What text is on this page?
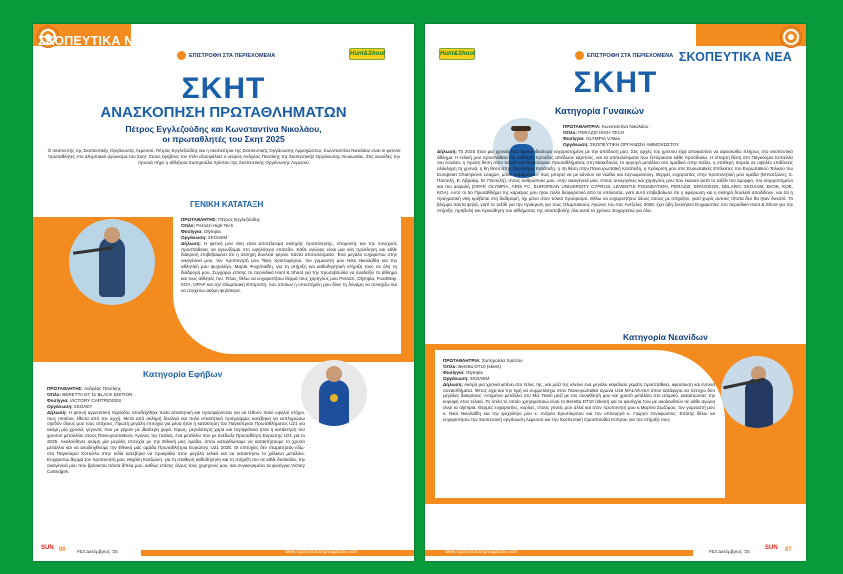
ΣΚΟΠΕΥΤΙΚΑ ΝΕΑ
ΕΠΙΣΤΡΟΦΗ ΣΤΑ ΠΕΡΙΕΧΟΜΕΝΑ	Hunt&Shoot
ΣΚΗΤ
ΑΝΑΣΚΟΠΗΣΗ ΠΡΩΤΑΘΛΗΜΑΤΩΝ
Πέτρος Εγγλεζούδης και Κωνσταντίνα Νικολάου,
οι πρωταθλητές του Σκητ 2025
Ο σκοπευτής της Σκοπευτικής Οργάνωσης Λεμεσού, Πέτρος Εγγλεζούδης και η σκοπεύτρια της Σκοπευτικής Οργάνωσης Αμμοχώστου, Κωνσταντίνα Νικολάου είναι οι φετινοί πρωταθλητές στο ολυμπιακό αγώνισμα του Σκητ. Στους έφηβους τον τίτλο εξασφάλισε ο νεαρός Ανδρέας Πουτίκης της Σκοπευτικής Οργάνωσης Λευκωσίας. Στις νεανίδες την πρωτιά πήρε η αθλήτρια Σωτηρούλα Χρίστου της Σκοπευτικής Οργάνωσης Λεμεσού.
ΓΕΝΙΚΗ ΚΑΤΑΤΑΞΗ
ΠΡΩΤΑΘΛΗΤΗΣ: Πέτρος Εγγλεζούδης
Όπλο: Perazzi High Tech
Φυσίγγια: Olympia
Οργάνωση: ΣΚΟΛΕΜ
Δήλωση: Η φετινή μου νίκη είναι αποτέλεσμα σκληρής προπόνησης, υπομονής και της συνεχούς προσπάθειας να αγωνίζομαι στο υψηλότερο επίπεδο. Κάθε αγώνας είναι μια νέα πρόκληση και κάθε διάκριση επιβεβαιώνει ότι η σκληρή δουλειά φέρνει πάντα αποτελέσματα. Ένα μεγάλο ευχαριστώ στην οικογένεια μου, τον προπονητή μου Τάκη Χριστοφόρου, τον γυμναστή μου Νίκο Νικολαΐδη και την αθλητική μου ψυχολόγο, Μαρία Ψυχοπαΐδη, για τη στήριξη και καθοδηγητική στήριξη τους σε όλη τη διαδρομή μου. Συγχαρώ επίσης το περιοδικό Hunt & Shoot για την πρωτοβουλία να αναδείξει το άθλημα και τους αθλητές του. Τέλος, θέλω να ευχαριστήσω θερμά τους χορηγούς μου Perazzi, Olympia, FoodWay, ΚΟΑ, ΟΡΑΡ και την Ολυμπιακή Επιτροπή, των οποίων η υποστήριξη μου δίνει τη δύναμη να συνεχίζω και να στοχεύω ακόμη ψηλότερα.
Κατηγορία Εφήβων
ΠΡΩΤΑΘΛΗΤΗΣ: Ανδρέας Πουτίκης
Όπλο: BERETTA DT 11 BLACK EDITION
Φυσίγγια: VICTORY CARTRIDGES
Οργάνωση: ΣΚΟΛΕΥ
Δήλωση: Η φετινή αγωνιστική περίοδος αποδείχθηκε πολύ απαιτητική και προσφέρονταν για να τεθούν πολύ υψηλοί στόχοι, τους οποίους έθεσα από την αρχή. Μετά από σκληρή δουλειά και πολύ απαιτητικό πρόγραμμα, κατέβηκα να εκπληρώσω σχεδόν όλους μου τους στόχους. Πρώτη μεγάλη επιτυχία για μένα ήταν η κατάκτηση του Παγκύπριου Πρωταθλήματος U21 για ακόμη μία χρονιά, γεγονός που με γέμισε με ιδιαίτερη χαρά. Όμως, μεγαλύτερη χαρά και περηφάνεια ήταν η κατάκτηση του χρυσού μεταλλίου στους Πανευρωπαϊκούς Αγώνες της Ιταλίας, ένα μετάλλιο που με ανέδειξε Πρωταθλητή Ευρώπης U21 για το 2025. Ακολούθησε ακόμη μία μεγάλη επιτυχία με την Εθνική μας ομάδα, όπου κατορθώσαμε να κατακτήσουμε το χρυσό μετάλλιο και να αναδειχθούμε την Εθνική μας ομάδα Πρωταθλήτρια Ευρώπης U21 2025. Οι επιτυχίες δεν σταμάτησαν εδώ· στο Παγκόσμιο Κύπελλο στην Ινδία κατέβηκα να προκριθώ στον μεγάλο τελικό και να κατακτήσω το χάλκινο μετάλλιο. Ευχαριστώ θερμά τον προπονητή μου, Μιχάλη Κατζιώνη, για τη σταθερή καθοδήγηση και τη στήριξή του σε κάθε δυσκολία, την οικογένειά μου που βρίσκεται πάντα δίπλα μου, καθώς επίσης όλους τους χορηγούς μου, και συγκεκριμένα τα φυσίγγια Victory Cartridges.
SUN 86 #53 Δεκέμβριος '25	www.cyprushuntingmagazine.com
ΣΚΟΠΕΥΤΙΚΑ ΝΕΑ
Hunt&Shoot	ΕΠΙΣΤΡΟΦΗ ΣΤΑ ΠΕΡΙΕΧΟΜΕΝΑ
ΣΚΗΤ
Κατηγορία Γυναικών
ΠΡΩΤΑΘΛΗΤΡΙΑ: Κωνσταντίνα Νικολάου
Όπλο: PERAZZI HIGH TECH
Φυσίγγια: OLYMPIA V-Max
Οργάνωση: ΣΚΟΠΕΥΤΙΚΗ ΟΡΓΑΝΩΣΗ ΑΜΜΟΧΩΣΤΟΥ
Δήλωση: Το 2025 ήταν μια χρονιά που ήμουν ιδιαίτερα ευχαριστημένη με την απόδοσή μου. Στις αρχές του χρόνου είχα αποφασίσει να αφοσιωθώ πλήρως στο σκοπευτικό άθλημα. Η τελική μου προσπάθεια και σταθερή πρόοδος απέδωσε καρπούς, και τα αποτελέσματα που ξεπέρασαν κάθε προσδοκία. Η τέταρτη θέση στο Παγκόσμιο Κύπελλο του Λονάτο, η πρώτη θέση στον τελικό του Παγκόσμιου Πρωταθλήματος στη Μακεδονία, το αργυρό μετάλλιο στο ομαδικό στην Ιταλία, η σταθερή πορεία σε υψηλές επιδόσεις ολόκληρη τη χρονιά, η 8η θέση στην Παγκόσμια Κατάταξη, η 4η θέση στην Πανευρωπαϊκή Κατάταξη, η πρόκριση μου στις Ευρωπαϊκές Επίλεκτες του Ευρωπαϊκού Τελικού του European Champions League, μόνο παραμένουν πως μπορεί να με κάνουν να νιώθω και ευγνωμοσύνη. Θερμές ευχαριστίες στην προπονητική μου ομάδα (Μ.Κατζιώνη, Σ. Παντελή, Ε. Αβραάμ, Μ. Παντελή), στους ανθρώπους μου, στην οικογένειά μου, στους συνεργάτες και χορηγούς μου που έκαναν αυτό το ταξίδι πιο όμορφο, πιο ισορροπημένο και πιο ασφαλή (ΟΡΑΡ, OLYMPIA, ARIS FC, EUROPEAN UNIVERSITY CYPRUS, LEVENTIS FOUNDATION, PERAZZI, ERGOSIGN, DELARO, ΣΚΟΛΑΜ, ΣΚΟΚ, ΚΟΕ, ΚΟΑ). Αυτό το 5ο Πρωτάθλημα της καριέρας μου ήταν πολύ διαφορετικό από τα υπόλοιπα, γιατί αυτό επιβεβαίωσε ότι η αφιέρωση και η σκληρή δουλειά αποδίδουν, και ότι η πραγματική νίκη κρύβεται στη διαδρομή, όχι μόνο στον τελικό προορισμό. Θέλω να ευχαριστήσω όλους όσους με στήριξαν, γιατί χωρίς αυτούς τίποτα δεν θα ήταν δυνατό. Το βλέμμα πάντα ψηλά, γιατί το ταξίδι για την πρόκριση για τους Ολυμπιακούς Αγώνες του Λος Άντζελες 2028, έχει ήδη ξεκινήσει! Ευχαριστίες στο περιοδικό Hunt & Shoot για την στήριξη, προβολή και προώθηση του αθλήματος της σκοποβολής όλα αυτά τα χρόνια. Ευχαριστώ για όλα.
Κατηγορία Νεανίδων
ΠΡΩΤΑΘΛΗΤΡΙΑ: Σωτηρούλα Χρίστου
Όπλο: Beretta DT10 (skeet)
Φυσίγγια: Olympia
Οργάνωση: ΣΚΟΛΕΜ
Δήλωση: Ακόμη μια χρονιά φτάνει στο τέλος της, και μαζί της κλείνει ένα μεγάλο κεφάλαιο γεμάτο προσπάθεια, αφοσίωση και έντονα συναισθήματα. Φέτος είχα και την τιμή να συμμετάσχω στον Πανευρωπαϊκό αγώνα U18 MALAKASA όπου κατάφερα να πετύχω δύο μεγάλες διακρίσεις: Ασημένιο μετάλλιο στο Mix Team μαζί με τον συναθλητή μου και χρυσό μετάλλιο στο ατομικό, κατακτώντας την κορυφή στον τελικό. Το όπλο το οποίο χρησιμοποιώ είναι το Beretta DT10 (skeet) και τα φυσίγγια που με ακολουθούν σε κάθε αγώνα είναι τα olympia. Θερμές ευχαριστίες, κυρίως, στους γονείς μου αλλά και στον προπονητή μου κ.Μαρίνο Σωζόμου, τον γυμναστή μου κ. Νίκο Νικολαΐδη και την ψυχολόγο μου κ. Αντρέα Ερωτόκριτου και τον οπλουργό κ. Γιώργο Ξενοφώντος. Επίσης θέλω να ευχαριστήσω την Σκοπευτική οργάνωση Λεμεσού και την Σκοπευτική Ομοσπονδία Κύπρου για την στήριξη τους.
www.cyprushuntingmagazine.com	#53 Δεκέμβριος '25
SUN 87
